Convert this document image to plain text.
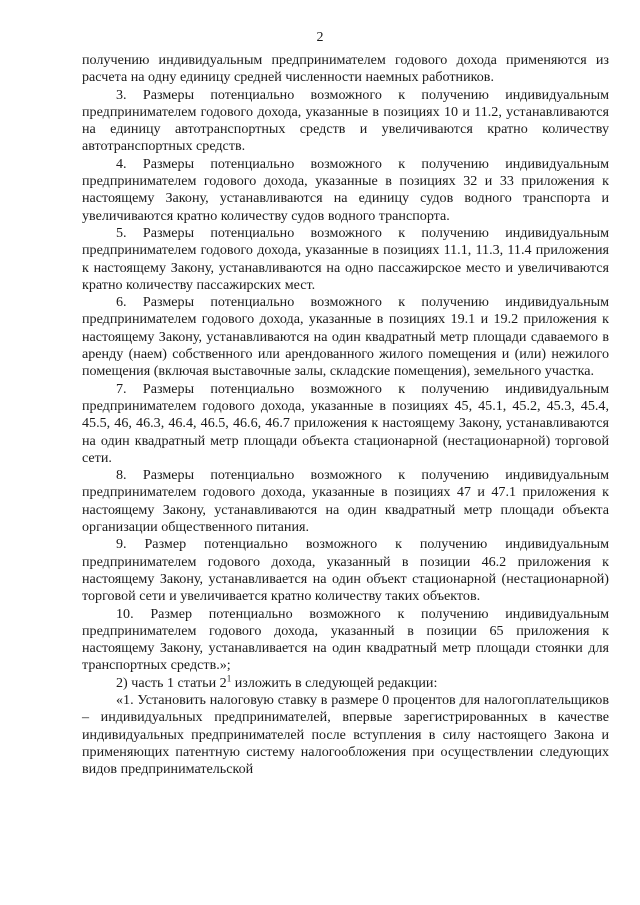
2

получению индивидуальным предпринимателем годового дохода применяются из расчета на одну единицу средней численности наемных работников.

3. Размеры потенциально возможного к получению индивидуальным предпринимателем годового дохода, указанные в позициях 10 и 11.2, устанавливаются на единицу автотранспортных средств и увеличиваются кратно количеству автотранспортных средств.

4. Размеры потенциально возможного к получению индивидуальным предпринимателем годового дохода, указанные в позициях 32 и 33 приложения к настоящему Закону, устанавливаются на единицу судов водного транспорта и увеличиваются кратно количеству судов водного транспорта.

5. Размеры потенциально возможного к получению индивидуальным предпринимателем годового дохода, указанные в позициях 11.1, 11.3, 11.4 приложения к настоящему Закону, устанавливаются на одно пассажирское место и увеличиваются кратно количеству пассажирских мест.

6. Размеры потенциально возможного к получению индивидуальным предпринимателем годового дохода, указанные в позициях 19.1 и 19.2 приложения к настоящему Закону, устанавливаются на один квадратный метр площади сдаваемого в аренду (наем) собственного или арендованного жилого помещения и (или) нежилого помещения (включая выставочные залы, складские помещения), земельного участка.

7. Размеры потенциально возможного к получению индивидуальным предпринимателем годового дохода, указанные в позициях 45, 45.1, 45.2, 45.3, 45.4, 45.5, 46, 46.3, 46.4, 46.5, 46.6, 46.7 приложения к настоящему Закону, устанавливаются на один квадратный метр площади объекта стационарной (нестационарной) торговой сети.

8. Размеры потенциально возможного к получению индивидуальным предпринимателем годового дохода, указанные в позициях 47 и 47.1 приложения к настоящему Закону, устанавливаются на один квадратный метр площади объекта организации общественного питания.

9. Размер потенциально возможного к получению индивидуальным предпринимателем годового дохода, указанный в позиции 46.2 приложения к настоящему Закону, устанавливается на один объект стационарной (нестационарной) торговой сети и увеличивается кратно количеству таких объектов.

10. Размер потенциально возможного к получению индивидуальным предпринимателем годового дохода, указанный в позиции 65 приложения к настоящему Закону, устанавливается на один квадратный метр площади стоянки для транспортных средств.»;

2) часть 1 статьи $2^1$ изложить в следующей редакции:

«1. Установить налоговую ставку в размере 0 процентов для налогоплательщиков – индивидуальных предпринимателей, впервые зарегистрированных в качестве индивидуальных предпринимателей после вступления в силу настоящего Закона и применяющих патентную систему налогообложения при осуществлении следующих видов предпринимательской
